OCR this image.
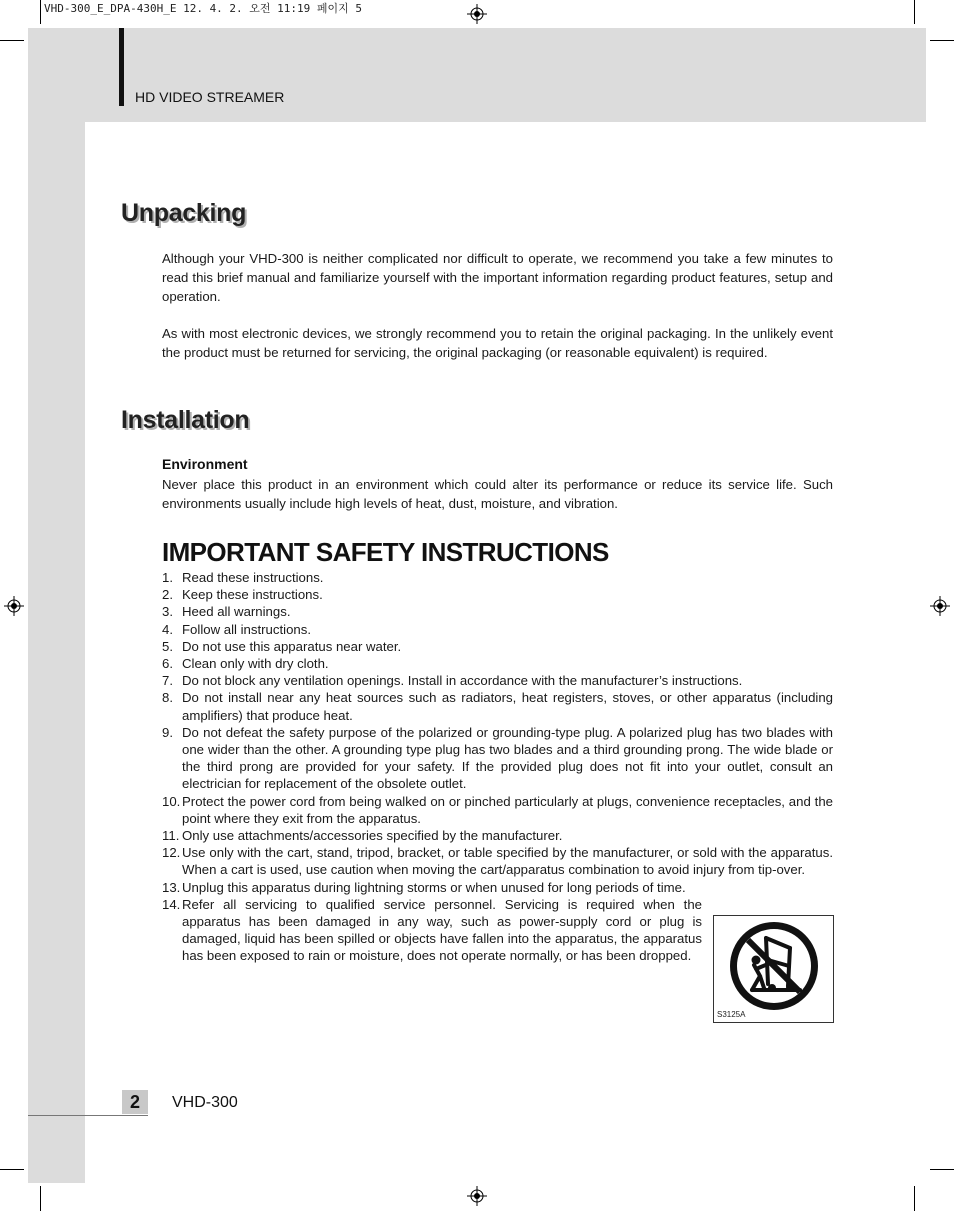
VHD-300_E_DPA-430H_E 12. 4. 2. 오전 11:19 페이지 5
HD VIDEO STREAMER
Unpacking

Although your VHD-300 is neither complicated nor difficult to operate, we recommend you take a few minutes to read this brief manual and familiarize yourself with the important information regarding product features, setup and operation.

As with most electronic devices, we strongly recommend you to retain the original packaging. In the unlikely event the product must be returned for servicing, the original packaging (or reasonable equivalent) is required.

Installation
Environment

Never place this product in an environment which could alter its performance or reduce its service life. Such environments usually include high levels of heat, dust, moisture, and vibration.

IMPORTANT SAFETY INSTRUCTIONS
1. Read these instructions.
2. Keep these instructions.
3. Heed all warnings.
4. Follow all instructions.
5. Do not use this apparatus near water.
6. Clean only with dry cloth.
7. Do not block any ventilation openings. Install in accordance with the manufacturer’s instructions.
8. Do not install near any heat sources such as radiators, heat registers, stoves, or other apparatus (including amplifiers) that produce heat.
9. Do not defeat the safety purpose of the polarized or grounding-type plug. A polarized plug has two blades with one wider than the other. A grounding type plug has two blades and a third grounding prong. The wide blade or the third prong are provided for your safety. If the provided plug does not fit into your outlet, consult an electrician for replacement of the obsolete outlet.
10. Protect the power cord from being walked on or pinched particularly at plugs, convenience receptacles, and the point where they exit from the apparatus.
11. Only use attachments/accessories specified by the manufacturer.
12. Use only with the cart, stand, tripod, bracket, or table specified by the manufacturer, or sold with the apparatus. When a cart is used, use caution when moving the cart/apparatus combination to avoid injury from tip-over.
13. Unplug this apparatus during lightning storms or when unused for long periods of time.
14. Refer all servicing to qualified service personnel. Servicing is required when the apparatus has been damaged in any way, such as power-supply cord or plug is damaged, liquid has been spilled or objects have fallen into the apparatus, the apparatus has been exposed to rain or moisture, does not operate normally, or has been dropped.
S3125A
2	VHD-300
